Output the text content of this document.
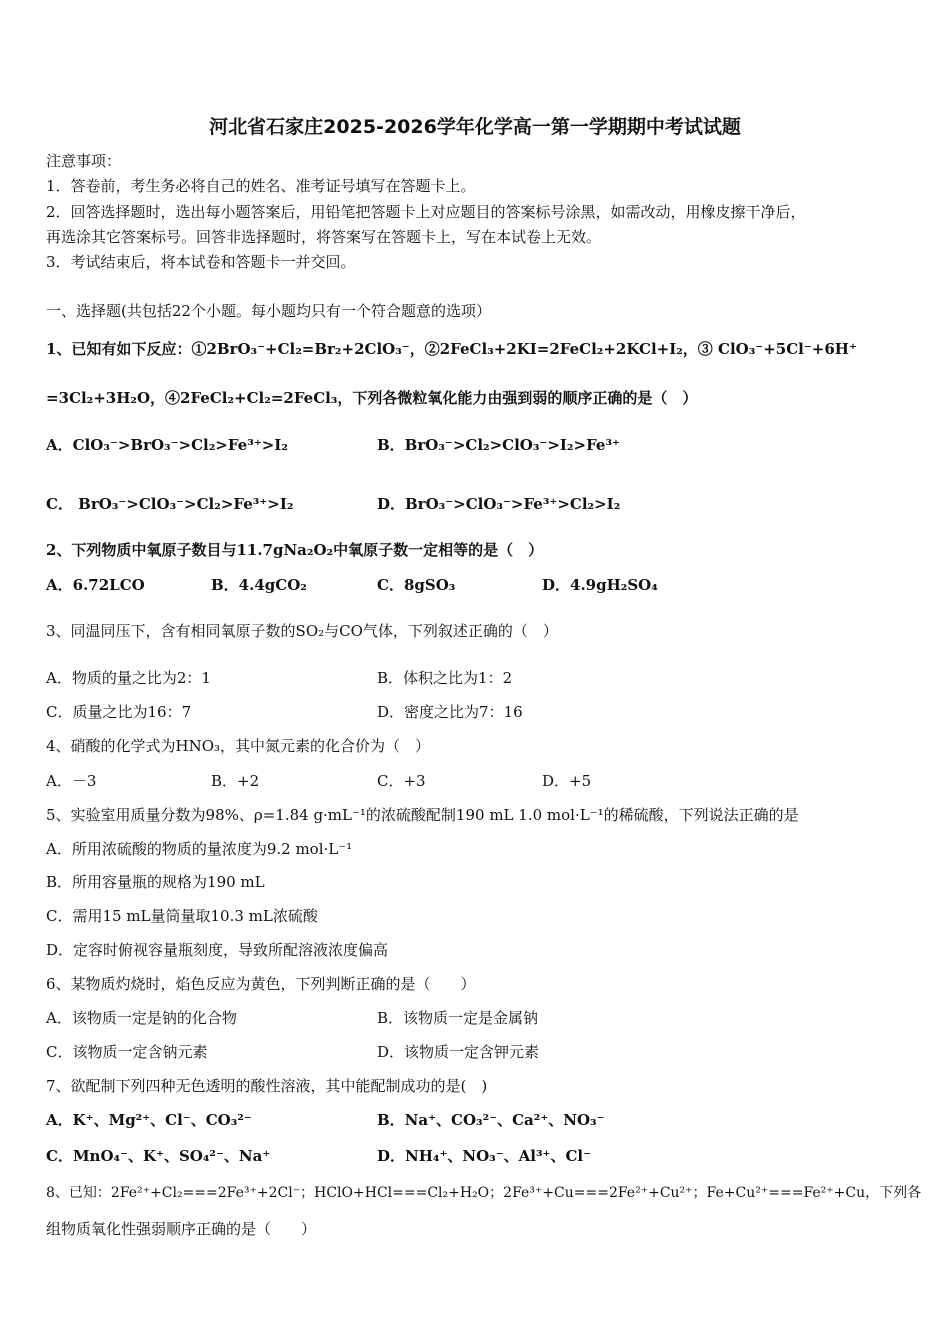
河北省石家庄2025-2026学年化学高一第一学期期中考试试题
注意事项：
1．答卷前，考生务必将自己的姓名、准考证号填写在答题卡上。
2．回答选择题时，选出每小题答案后，用铅笔把答题卡上对应题目的答案标号涂黑，如需改动，用橡皮擦干净后，
再选涂其它答案标号。回答非选择题时，将答案写在答题卡上，写在本试卷上无效。
3．考试结束后，将本试卷和答题卡一并交回。
一、选择题(共包括22个小题。每小题均只有一个符合题意的选项）
1、已知有如下反应：①2BrO₃⁻+Cl₂=Br₂+2ClO₃⁻，②2FeCl₃+2KI=2FeCl₂+2KCl+I₂，③ ClO₃⁻+5Cl⁻+6H⁺
=3Cl₂+3H₂O，④2FeCl₂+Cl₂=2FeCl₃，下列各微粒氧化能力由强到弱的顺序正确的是（　）
A．ClO₃⁻>BrO₃⁻>Cl₂>Fe³⁺>I₂	B．BrO₃⁻>Cl₂>ClO₃⁻>I₂>Fe³⁺
C． BrO₃⁻>ClO₃⁻>Cl₂>Fe³⁺>I₂	D．BrO₃⁻>ClO₃⁻>Fe³⁺>Cl₂>I₂
2、下列物质中氧原子数目与11.7gNa₂O₂中氧原子数一定相等的是（　）
A．6.72LCO	B．4.4gCO₂	C．8gSO₃	D．4.9gH₂SO₄
3、同温同压下，含有相同氧原子数的SO₂与CO气体，下列叙述正确的（　）
A．物质的量之比为2：1	B．体积之比为1：2
C．质量之比为16：7	D．密度之比为7：16
4、硝酸的化学式为HNO₃，其中氮元素的化合价为（　）
A．－3	B．+2	C．+3	D．+5
5、实验室用质量分数为98%、ρ=1.84 g·mL⁻¹的浓硫酸配制190 mL 1.0 mol·L⁻¹的稀硫酸，下列说法正确的是
A．所用浓硫酸的物质的量浓度为9.2 mol·L⁻¹
B．所用容量瓶的规格为190 mL
C．需用15 mL量筒量取10.3 mL浓硫酸
D．定容时俯视容量瓶刻度，导致所配溶液浓度偏高
6、某物质灼烧时，焰色反应为黄色，下列判断正确的是（　　）
A．该物质一定是钠的化合物	B．该物质一定是金属钠
C．该物质一定含钠元素	D．该物质一定含钾元素
7、欲配制下列四种无色透明的酸性溶液，其中能配制成功的是(　)
A．K⁺、Mg²⁺、Cl⁻、CO₃²⁻	B．Na⁺、CO₃²⁻、Ca²⁺、NO₃⁻
C．MnO₄⁻、K⁺、SO₄²⁻、Na⁺	D．NH₄⁺、NO₃⁻、Al³⁺、Cl⁻
8、已知：2Fe²⁺+Cl₂===2Fe³⁺+2Cl⁻；HClO+HCl===Cl₂+H₂O；2Fe³⁺+Cu===2Fe²⁺+Cu²⁺；Fe+Cu²⁺===Fe²⁺+Cu，下列各
组物质氧化性强弱顺序正确的是（　　）
